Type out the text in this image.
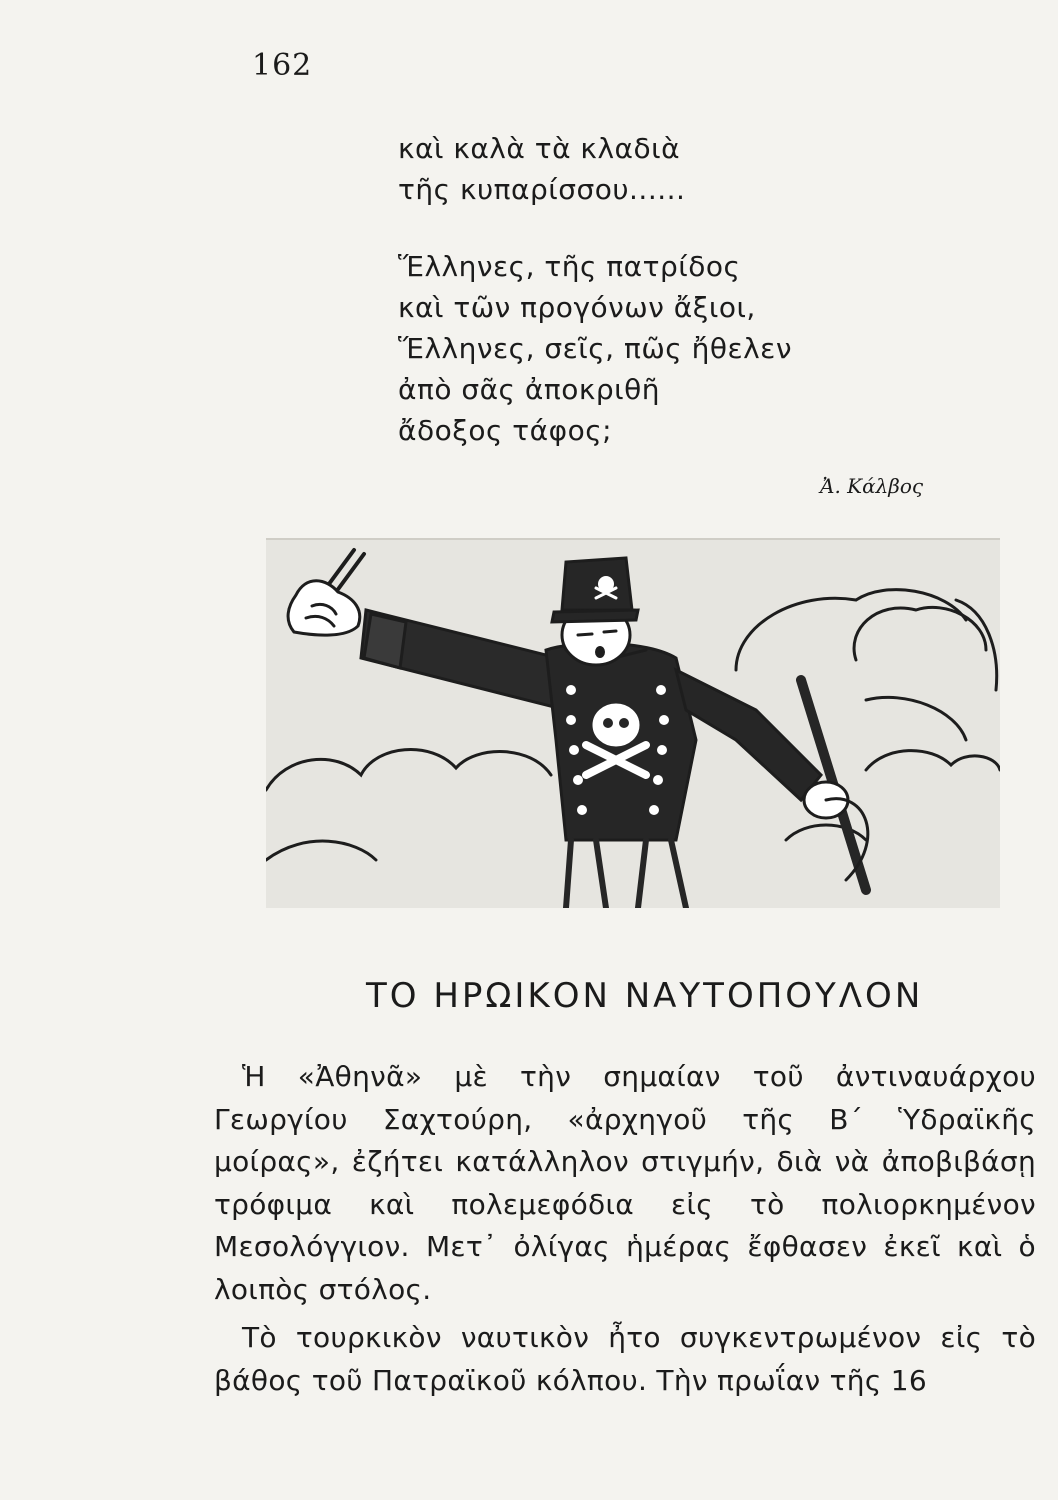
162

καὶ καλὰ τὰ κλαδιὰ
τῆς κυπαρίσσου......

Ἕλληνες, τῆς πατρίδος
καὶ τῶν προγόνων ἄξιοι,
Ἕλληνες, σεῖς, πῶς ἤθελεν
ἀπὸ σᾶς ἀποκριθῆ
ἄδοξος τάφος;

Ἀ. Κάλβος
ΤΟ ΗΡΩΙΚΟΝ ΝΑΥΤΟΠΟΥΛΟΝ

Ἡ «Ἀθηνᾶ» μὲ τὴν σημαίαν τοῦ ἀντιναυάρχου Γεωργίου Σαχτούρη, «ἀρχηγοῦ τῆς Β΄ Ὑδραϊκῆς μοίρας», ἐζήτει κατάλληλον στιγμήν, διὰ νὰ ἀποβιβάσῃ τρόφιμα καὶ πολεμεφόδια εἰς τὸ πολιορκημένον Μεσολόγγιον. Μετ᾿ ὀλίγας ἡμέρας ἔφθασεν ἐκεῖ καὶ ὁ λοιπὸς στόλος.

Τὸ τουρκικὸν ναυτικὸν ἦτο συγκεντρωμένον εἰς τὸ βάθος τοῦ Πατραϊκοῦ κόλπου. Τὴν πρωΐαν τῆς 16
